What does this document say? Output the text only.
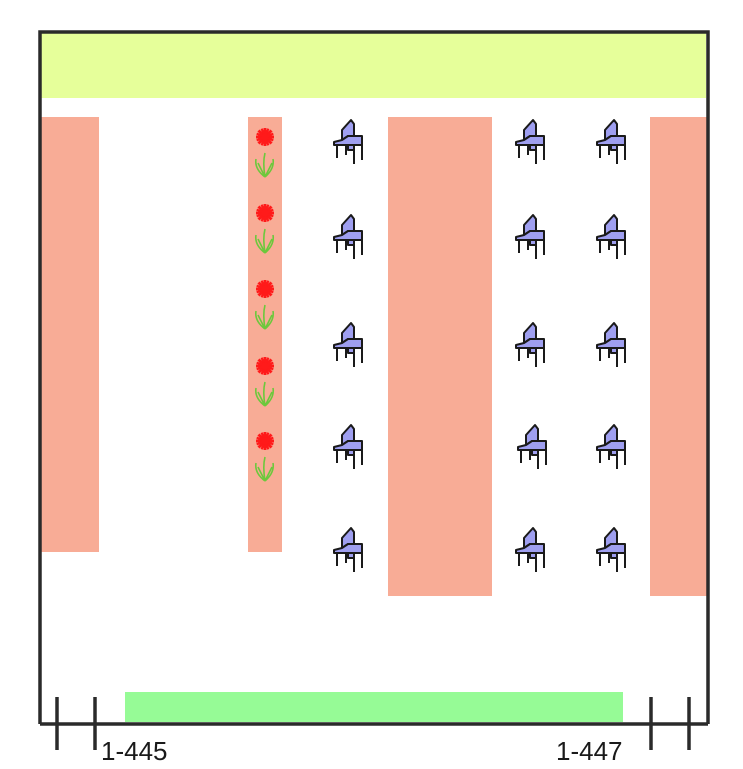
1-445	1-447
